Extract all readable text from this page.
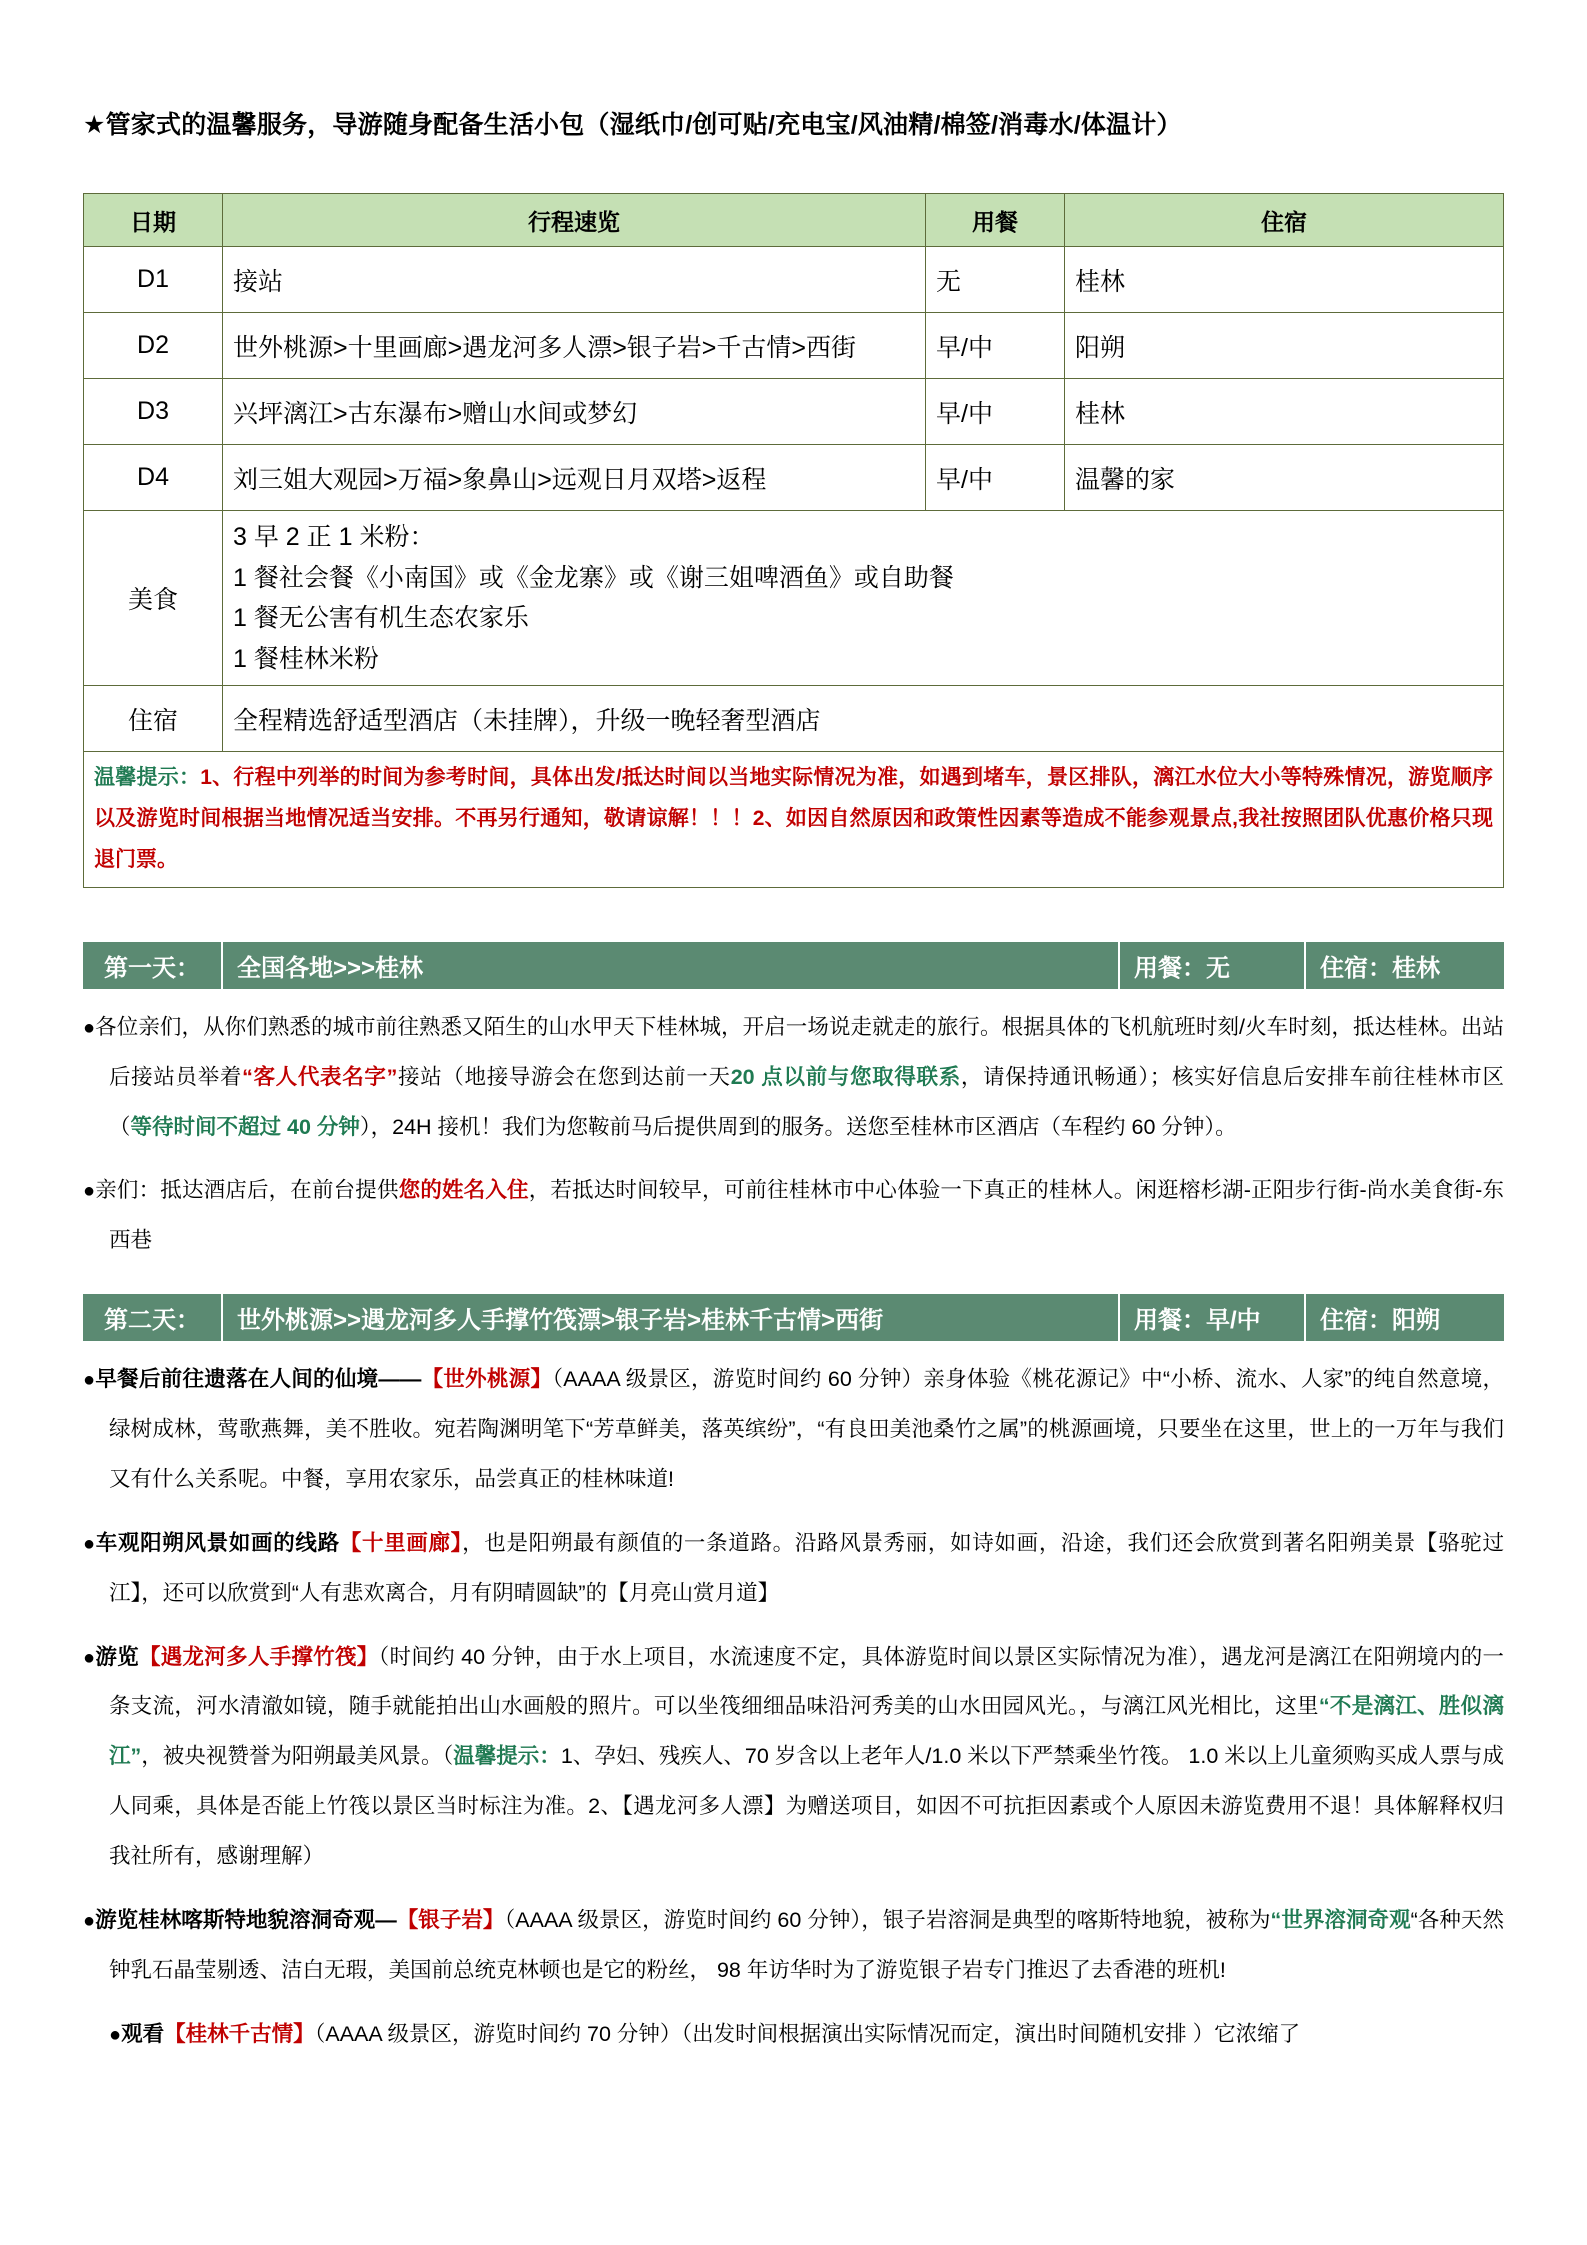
★管家式的温馨服务，导游随身配备生活小包（湿纸巾/创可贴/充电宝/风油精/棉签/消毒水/体温计）
日期	行程速览	用餐	住宿
D1	接站	无	桂林
D2	世外桃源>十里画廊>遇龙河多人漂>银子岩>千古情>西街	早/中	阳朔
D3	兴坪漓江>古东瀑布>赠山水间或梦幻	早/中	桂林
D4	刘三姐大观园>万福>象鼻山>远观日月双塔>返程	早/中	温馨的家
美食	3 早 2 正 1 米粉：
1 餐社会餐《小南国》或《金龙寨》或《谢三姐啤酒鱼》或自助餐
1 餐无公害有机生态农家乐
1 餐桂林米粉		

住宿	全程精选舒适型酒店（未挂牌），升级一晚轻奢型酒店		

温馨提示：1、行程中列举的时间为参考时间，具体出发/抵达时间以当地实际情况为准，如遇到堵车，景区排队，漓江水位大小等特殊情况，游览顺序以及游览时间根据当地情况适当安排。不再另行通知，敬请谅解！！！2、如因自然原因和政策性因素等造成不能参观景点,我社按照团队优惠价格只现退门票。			
第一天：	全国各地>>>桂林	用餐：无	住宿：桂林

●各位亲们，从你们熟悉的城市前往熟悉又陌生的山水甲天下桂林城，开启一场说走就走的旅行。根据具体的飞机航班时刻/火车时刻，抵达桂林。出站后接站员举着“客人代表名字”接站（地接导游会在您到达前一天20 点以前与您取得联系，请保持通讯畅通）；核实好信息后安排车前往桂林市区（等待时间不超过 40 分钟），24H 接机！我们为您鞍前马后提供周到的服务。送您至桂林市区酒店（车程约 60 分钟）。

●亲们：抵达酒店后，在前台提供您的姓名入住，若抵达时间较早，可前往桂林市中心体验一下真正的桂林人。闲逛榕杉湖-正阳步行街-尚水美食街-东西巷

第二天：	世外桃源>>遇龙河多人手撑竹筏漂>银子岩>桂林千古情>西街	用餐：早/中	住宿：阳朔

●早餐后前往遗落在人间的仙境——【世外桃源】（AAAA 级景区，游览时间约 60 分钟）亲身体验《桃花源记》中“小桥、流水、人家”的纯自然意境，绿树成林，莺歌燕舞，美不胜收。宛若陶渊明笔下“芳草鲜美，落英缤纷”，“有良田美池桑竹之属”的桃源画境，只要坐在这里，世上的一万年与我们又有什么关系呢。中餐，享用农家乐，品尝真正的桂林味道!

●车观阳朔风景如画的线路【十里画廊】，也是阳朔最有颜值的一条道路。沿路风景秀丽，如诗如画，沿途，我们还会欣赏到著名阳朔美景【骆驼过江】，还可以欣赏到“人有悲欢离合，月有阴晴圆缺”的【月亮山赏月道】

●游览【遇龙河多人手撑竹筏】（时间约 40 分钟，由于水上项目，水流速度不定，具体游览时间以景区实际情况为准），遇龙河是漓江在阳朔境内的一条支流，河水清澈如镜，随手就能拍出山水画般的照片。可以坐筏细细品味沿河秀美的山水田园风光。，与漓江风光相比，这里“不是漓江、胜似漓江”，被央视赞誉为阳朔最美风景。（温馨提示：1、孕妇、残疾人、70 岁含以上老年人/1.0 米以下严禁乘坐竹筏。 1.0 米以上儿童须购买成人票与成人同乘，具体是否能上竹筏以景区当时标注为准。2、【遇龙河多人漂】为赠送项目，如因不可抗拒因素或个人原因未游览费用不退！具体解释权归我社所有，感谢理解）

●游览桂林喀斯特地貌溶洞奇观—【银子岩】（AAAA 级景区，游览时间约 60 分钟），银子岩溶洞是典型的喀斯特地貌，被称为“世界溶洞奇观“各种天然钟乳石晶莹剔透、洁白无瑕，美国前总统克林顿也是它的粉丝， 98 年访华时为了游览银子岩专门推迟了去香港的班机!

●观看【桂林千古情】（AAAA 级景区，游览时间约 70 分钟）（出发时间根据演出实际情况而定，演出时间随机安排 ）它浓缩了
